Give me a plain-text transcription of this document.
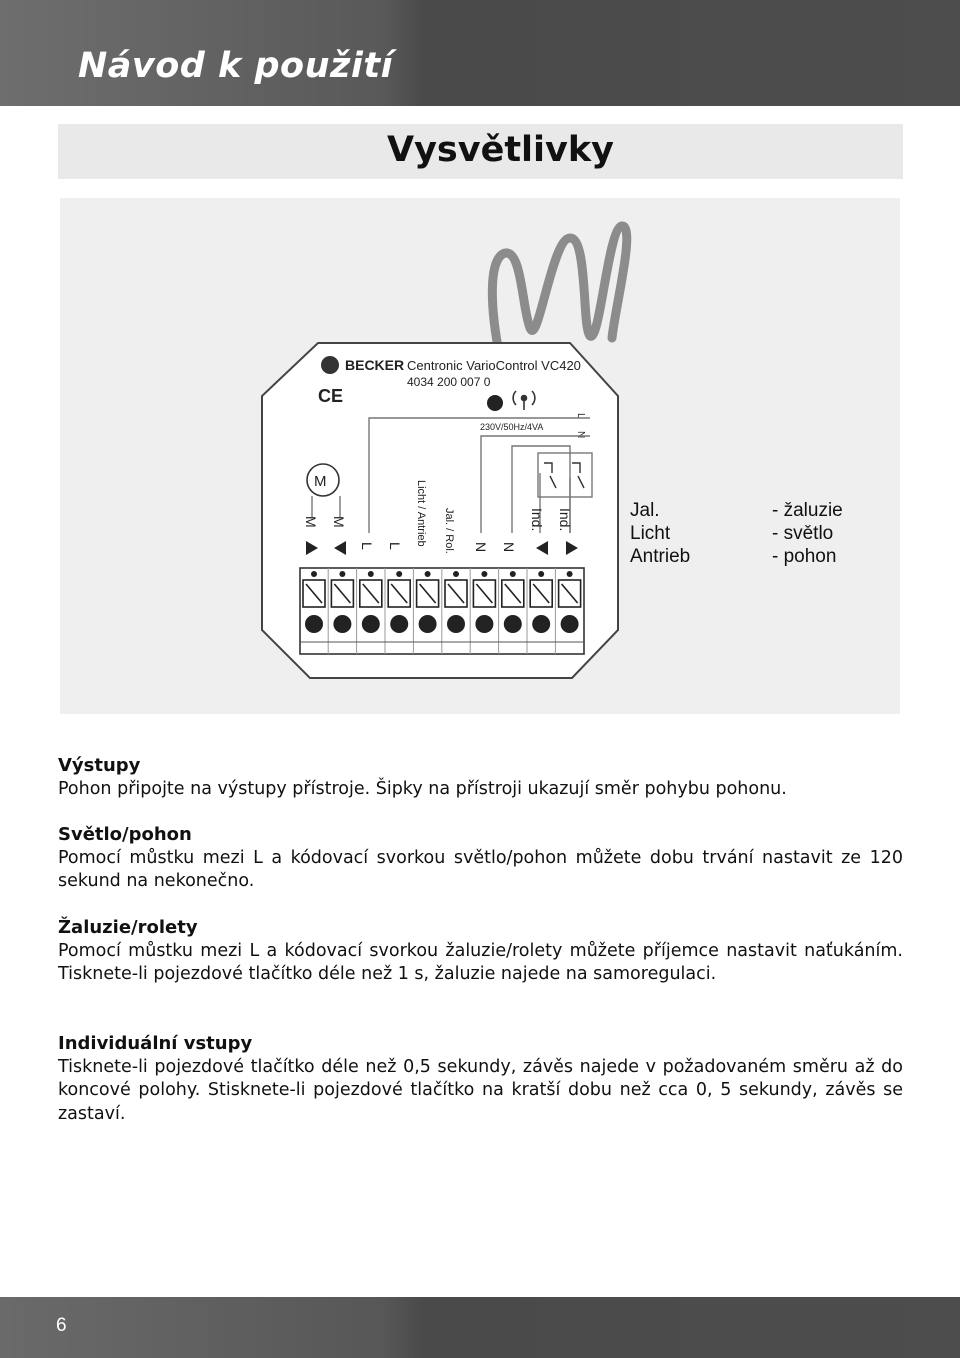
Návod k použití
Vysvětlivky
BECKER Centronic VarioControl VC420
4034 200 007 0
CE
L
N
230V/50Hz/4VA
M
M M
L L Licht / Antrieb Jal. / Rol. N N
Ind. Ind.	Jal.	- žaluzie
Licht	- světlo
Antrieb	- pohon
Výstupy

Pohon připojte na výstupy přístroje. Šipky na přístroji ukazují směr pohybu pohonu.

Světlo/pohon

Pomocí můstku mezi L a kódovací svorkou světlo/pohon můžete dobu trvání nastavit ze 120 sekund na nekonečno.

Žaluzie/rolety

Pomocí můstku mezi L a kódovací svorkou žaluzie/rolety můžete příjemce nastavit naťukáním. Tisknete-li pojezdové tlačítko déle než 1 s, žaluzie najede na samoregulaci.

Individuální vstupy

Tisknete-li pojezdové tlačítko déle než 0,5 sekundy, závěs najede v požadovaném směru až do koncové polohy. Stisknete-li pojezdové tlačítko na kratší dobu než cca 0, 5 sekundy, závěs se zastaví.

6
